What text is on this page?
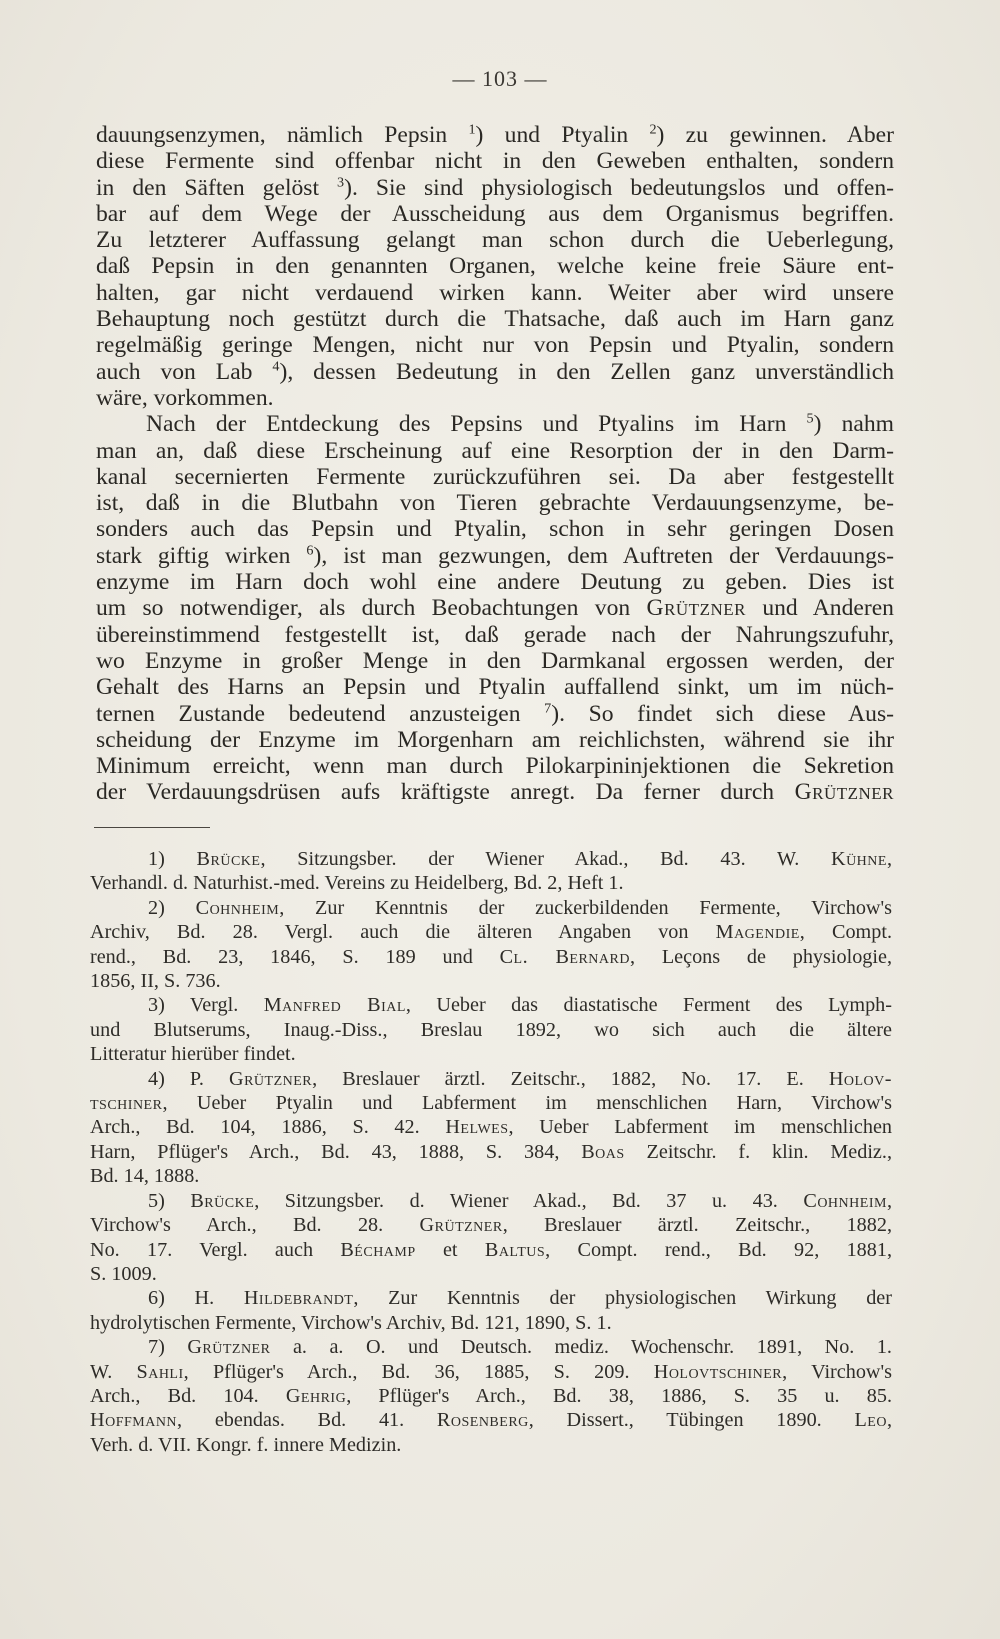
— 103 —
dauungsenzymen, nämlich Pepsin $^1$) und Ptyalin $^2$) zu gewinnen. Aber
diese Fermente sind offenbar nicht in den Geweben enthalten, sondern
in den Säften gelöst $^3$). Sie sind physiologisch bedeutungslos und offen-
bar auf dem Wege der Ausscheidung aus dem Organismus begriffen.
Zu letzterer Auffassung gelangt man schon durch die Ueberlegung,
daß Pepsin in den genannten Organen, welche keine freie Säure ent-
halten, gar nicht verdauend wirken kann. Weiter aber wird unsere
Behauptung noch gestützt durch die Thatsache, daß auch im Harn ganz
regelmäßig geringe Mengen, nicht nur von Pepsin und Ptyalin, sondern
auch von Lab $^4$), dessen Bedeutung in den Zellen ganz unverständlich
wäre, vorkommen.
Nach der Entdeckung des Pepsins und Ptyalins im Harn $^5$) nahm
man an, daß diese Erscheinung auf eine Resorption der in den Darm-
kanal secernierten Fermente zurückzuführen sei. Da aber festgestellt
ist, daß in die Blutbahn von Tieren gebrachte Verdauungsenzyme, be-
sonders auch das Pepsin und Ptyalin, schon in sehr geringen Dosen
stark giftig wirken $^6$), ist man gezwungen, dem Auftreten der Verdauungs-
enzyme im Harn doch wohl eine andere Deutung zu geben. Dies ist
um so notwendiger, als durch Beobachtungen von Grützner und Anderen
übereinstimmend festgestellt ist, daß gerade nach der Nahrungszufuhr,
wo Enzyme in großer Menge in den Darmkanal ergossen werden, der
Gehalt des Harns an Pepsin und Ptyalin auffallend sinkt, um im nüch-
ternen Zustande bedeutend anzusteigen $^7$). So findet sich diese Aus-
scheidung der Enzyme im Morgenharn am reichlichsten, während sie ihr
Minimum erreicht, wenn man durch Pilokarpininjektionen die Sekretion
der Verdauungsdrüsen aufs kräftigste anregt. Da ferner durch Grützner
1) Brücke, Sitzungsber. der Wiener Akad., Bd. 43. W. Kühne,
Verhandl. d. Naturhist.-med. Vereins zu Heidelberg, Bd. 2, Heft 1.
2) Cohnheim, Zur Kenntnis der zuckerbildenden Fermente, Virchow's
Archiv, Bd. 28. Vergl. auch die älteren Angaben von Magendie, Compt.
rend., Bd. 23, 1846, S. 189 und Cl. Bernard, Leçons de physiologie,
1856, II, S. 736.
3) Vergl. Manfred Bial, Ueber das diastatische Ferment des Lymph-
und Blutserums, Inaug.-Diss., Breslau 1892, wo sich auch die ältere
Litteratur hierüber findet.
4) P. Grützner, Breslauer ärztl. Zeitschr., 1882, No. 17. E. Holov-
tschiner, Ueber Ptyalin und Labferment im menschlichen Harn, Virchow's
Arch., Bd. 104, 1886, S. 42. Helwes, Ueber Labferment im menschlichen
Harn, Pflüger's Arch., Bd. 43, 1888, S. 384, Boas Zeitschr. f. klin. Mediz.,
Bd. 14, 1888.
5) Brücke, Sitzungsber. d. Wiener Akad., Bd. 37 u. 43. Cohnheim,
Virchow's Arch., Bd. 28. Grützner, Breslauer ärztl. Zeitschr., 1882,
No. 17. Vergl. auch Béchamp et Baltus, Compt. rend., Bd. 92, 1881,
S. 1009.
6) H. Hildebrandt, Zur Kenntnis der physiologischen Wirkung der
hydrolytischen Fermente, Virchow's Archiv, Bd. 121, 1890, S. 1.
7) Grützner a. a. O. und Deutsch. mediz. Wochenschr. 1891, No. 1.
W. Sahli, Pflüger's Arch., Bd. 36, 1885, S. 209. Holovtschiner, Virchow's
Arch., Bd. 104. Gehrig, Pflüger's Arch., Bd. 38, 1886, S. 35 u. 85.
Hoffmann, ebendas. Bd. 41. Rosenberg, Dissert., Tübingen 1890. Leo,
Verh. d. VII. Kongr. f. innere Medizin.
